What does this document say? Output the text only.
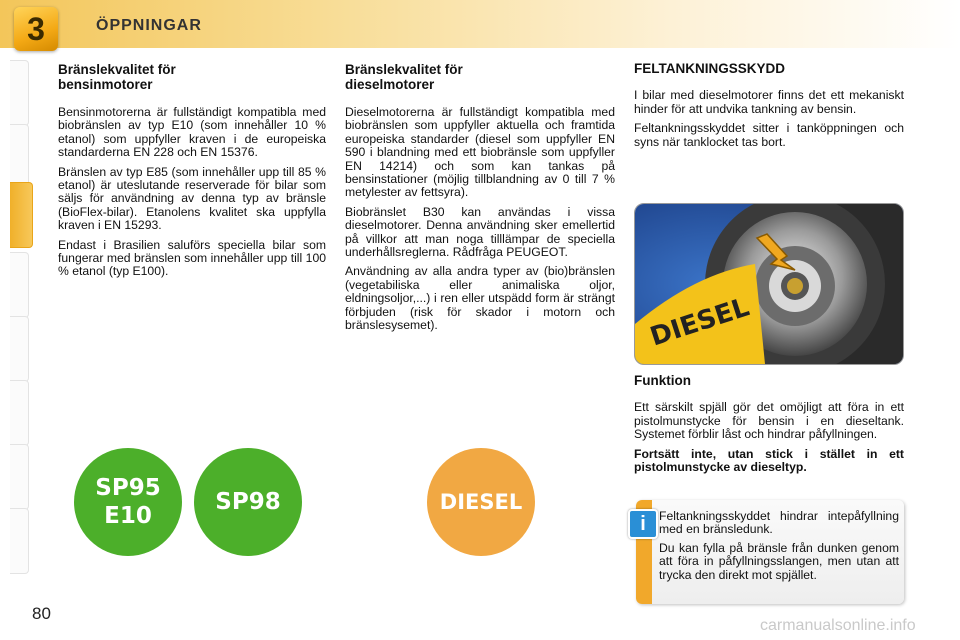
3	ÖPPNINGAR
Bränslekvalitet för
bensinmotorer

Bensinmotorerna är fullständigt kompatibla med biobränslen av typ E10 (som innehåller 10 % etanol) som uppfyller kraven i de europeiska standarderna EN 228 och EN 15376.

Bränslen av typ E85 (som innehåller upp till 85 % etanol) är uteslutande reserverade för bilar som säljs för användning av denna typ av bränsle (BioFlex-bilar). Etanolens kvalitet ska uppfylla kraven i EN 15293.

Endast i Brasilien saluförs speciella bilar som fungerar med bränslen som innehåller upp till 100 % etanol (typ E100).

Bränslekvalitet för
dieselmotorer

Dieselmotorerna är fullständigt kompatibla med biobränslen som uppfyller aktuella och framtida europeiska standarder (diesel som uppfyller EN 590 i blandning med ett biobränsle som uppfyller EN 14214) och som kan tankas på bensinstationer (möjlig tillblandning av 0 till 7 % metylester av fettsyra).

Biobränslet B30 kan användas i vissa dieselmotorer. Denna användning sker emellertid på villkor att man noga tilllämpar de speciella underhållsreglerna. Rådfråga PEUGEOT.

Användning av alla andra typer av (bio)bränslen (vegetabiliska eller animaliska oljor, eldningsoljor,...) i ren eller utspädd form är strängt förbjuden (risk för skador i motorn och bränslesysemet).

FELTANKNINGSSKYDD

I bilar med dieselmotorer finns det ett mekaniskt hinder för att undvika tankning av bensin.

Feltankningsskyddet sitter i tanköppningen och syns när tanklocket tas bort.

DIESEL
Funktion

Ett särskilt spjäll gör det omöjligt att föra in ett pistolmunstycke för bensin i en dieseltank. Systemet förblir låst och hindrar påfyllningen.

Fortsätt inte, utan stick i stället in ett pistolmunstycke av dieseltyp.

i	Feltankningsskyddet hindrar intepåfyllning med en bränsledunk.

Du kan fylla på bränsle från dunken genom att föra in påfyllningsslangen, men utan att trycka den direkt mot spjället.

SP95
E10
SP98	DIESEL
80
carmanualsonline.info
